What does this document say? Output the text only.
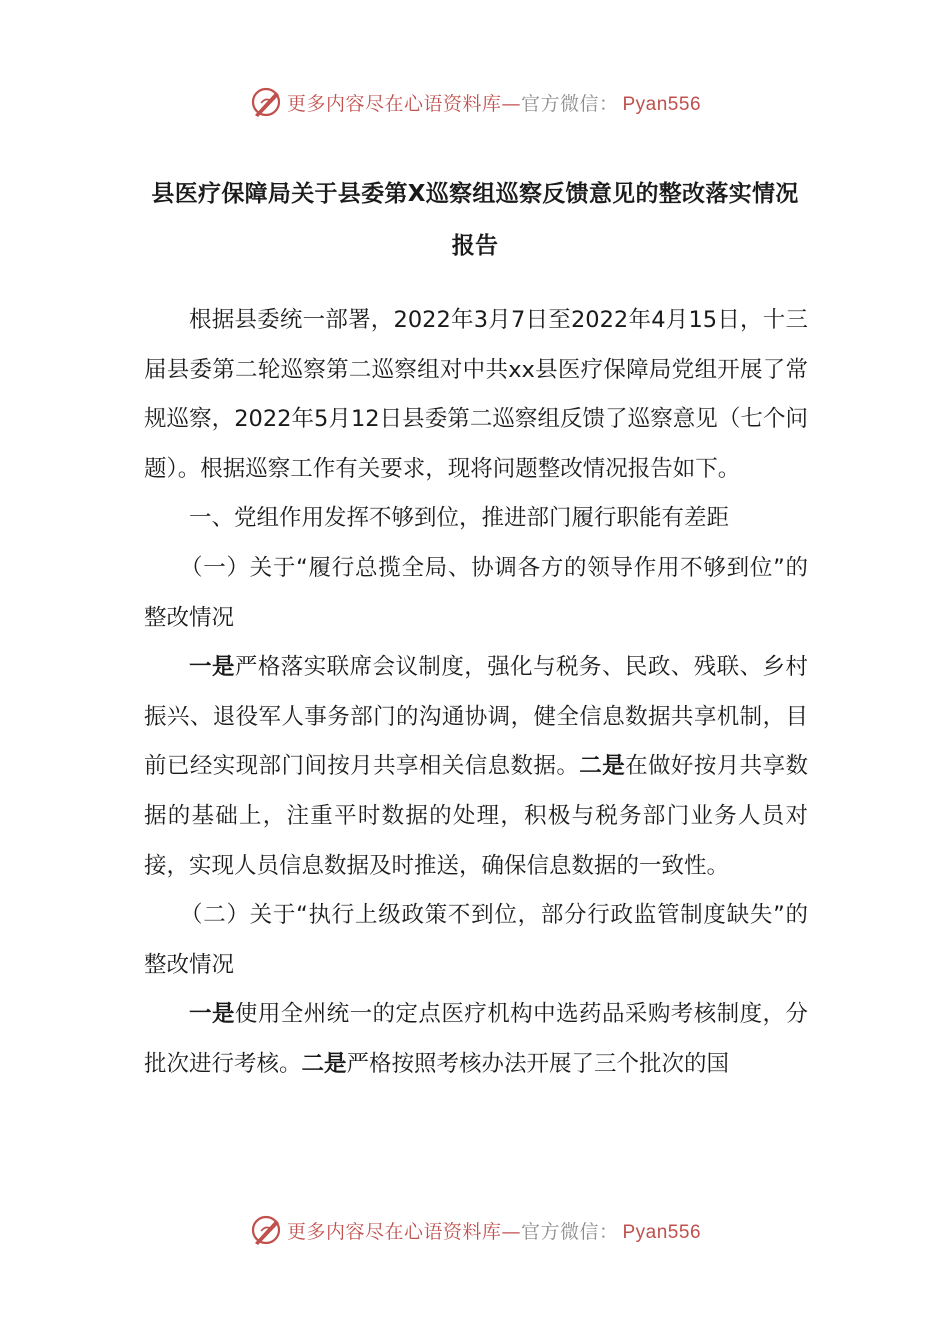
更多内容尽在心语资料库—官方微信： Pyan556
县医疗保障局关于县委第Ⅹ巡察组巡察反馈意见的整改落实情况报告

根据县委统一部署，2022年3月7日至2022年4月15日，十三届县委第二轮巡察第二巡察组对中共xx县医疗保障局党组开展了常规巡察，2022年5月12日县委第二巡察组反馈了巡察意见（七个问题）。根据巡察工作有关要求，现将问题整改情况报告如下。

一、党组作用发挥不够到位，推进部门履行职能有差距

（一）关于“履行总揽全局、协调各方的领导作用不够到位”的整改情况

一是严格落实联席会议制度，强化与税务、民政、残联、乡村振兴、退役军人事务部门的沟通协调，健全信息数据共享机制，目前已经实现部门间按月共享相关信息数据。二是在做好按月共享数据的基础上，注重平时数据的处理，积极与税务部门业务人员对接，实现人员信息数据及时推送，确保信息数据的一致性。

（二）关于“执行上级政策不到位，部分行政监管制度缺失”的整改情况

一是使用全州统一的定点医疗机构中选药品采购考核制度，分批次进行考核。二是严格按照考核办法开展了三个批次的国

更多内容尽在心语资料库—官方微信： Pyan556
